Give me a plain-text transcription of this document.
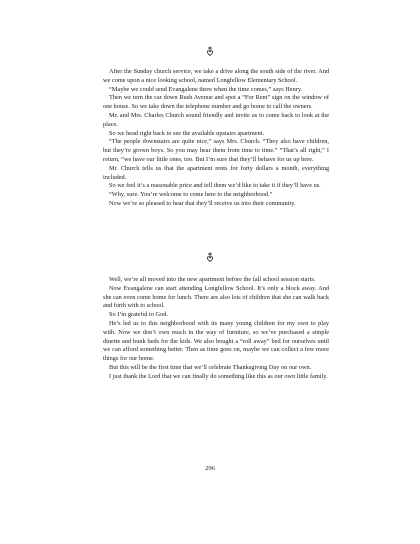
After the Sunday church service, we take a drive along the south side of the river. And we come upon a nice looking school, named Longfellow Elementary School.

“Maybe we could send Evangalene there when the time comes,” says Henry.

Then we turn the car down Rush Avenue and spot a “For Rent” sign on the window of one house. So we take down the telephone number and go home to call the owners.

Mr. and Mrs. Charles Church sound friendly and invite us to come back to look at the place.

So we head right back to see the available upstairs apartment.

“The people downstairs are quite nice,” says Mrs. Church. “They also have children, but they’re grown boys. So you may hear them from time to time.” “That’s all right,” I return, “we have our little ones, too. But I’m sure that they’ll behave for us up here.

Mr. Church tells us that the apartment rents for forty dollars a month, everything included.

So we feel it’s a reasonable price and tell them we’d like to take it if they’ll have us.

“Why, sure. You’re welcome to come here to the neighborhood.”

Now we’re so pleased to hear that they’ll receive us into their community.

Well, we’re all moved into the new apartment before the fall school session starts.

Now Evangalene can start attending Longfellow School. It’s only a block away. And she can even come home for lunch. There are also lots of children that she can walk back and forth with to school.

So I’m grateful to God.

He’s led us to this neighborhood with its many young children for my own to play with. Now we don’t own much in the way of furniture, so we’ve purchased a simple dinette and bunk beds for the kids. We also bought a “roll away” bed for ourselves until we can afford something better. Then as time goes on, maybe we can collect a few more things for our home.

But this will be the first time that we’ll celebrate Thanksgiving Day on our own.

I just thank the Lord that we can finally do something like this as our own little family.

296
